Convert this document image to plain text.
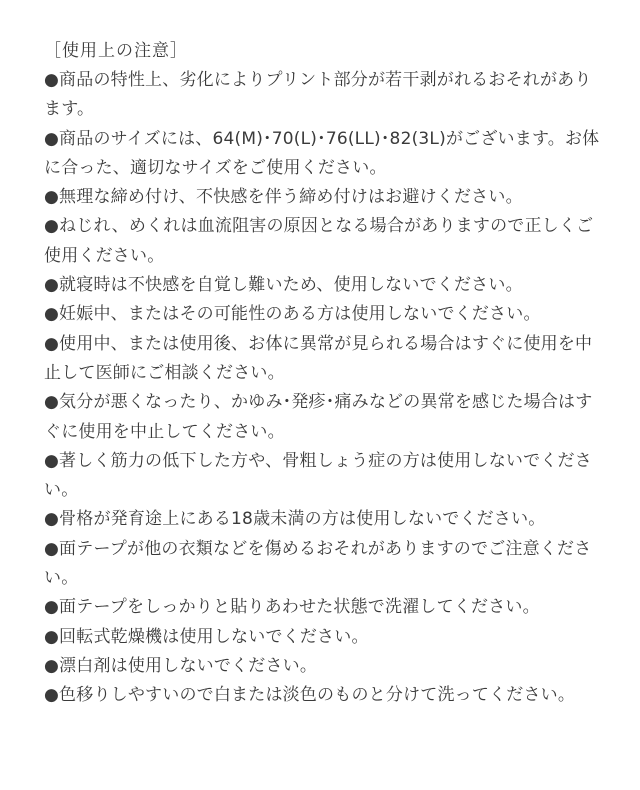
［使用上の注意］

●商品の特性上、劣化によりプリント部分が若干剥がれるおそれがあります。
●商品のサイズには、64(M)･70(L)･76(LL)･82(3L)がございます。お体に合った、適切なサイズをご使用ください。
●無理な締め付け、不快感を伴う締め付けはお避けください。
●ねじれ、めくれは血流阻害の原因となる場合がありますので正しくご使用ください。
●就寝時は不快感を自覚し難いため、使用しないでください。
●妊娠中、またはその可能性のある方は使用しないでください。
●使用中、または使用後、お体に異常が見られる場合はすぐに使用を中止して医師にご相談ください。
●気分が悪くなったり、かゆみ･発疹･痛みなどの異常を感じた場合はすぐに使用を中止してください。
●著しく筋力の低下した方や、骨粗しょう症の方は使用しないでください。
●骨格が発育途上にある18歳未満の方は使用しないでください。
●面テープが他の衣類などを傷めるおそれがありますのでご注意ください。
●面テープをしっかりと貼りあわせた状態で洗濯してください。
●回転式乾燥機は使用しないでください。
●漂白剤は使用しないでください。
●色移りしやすいので白または淡色のものと分けて洗ってください。
